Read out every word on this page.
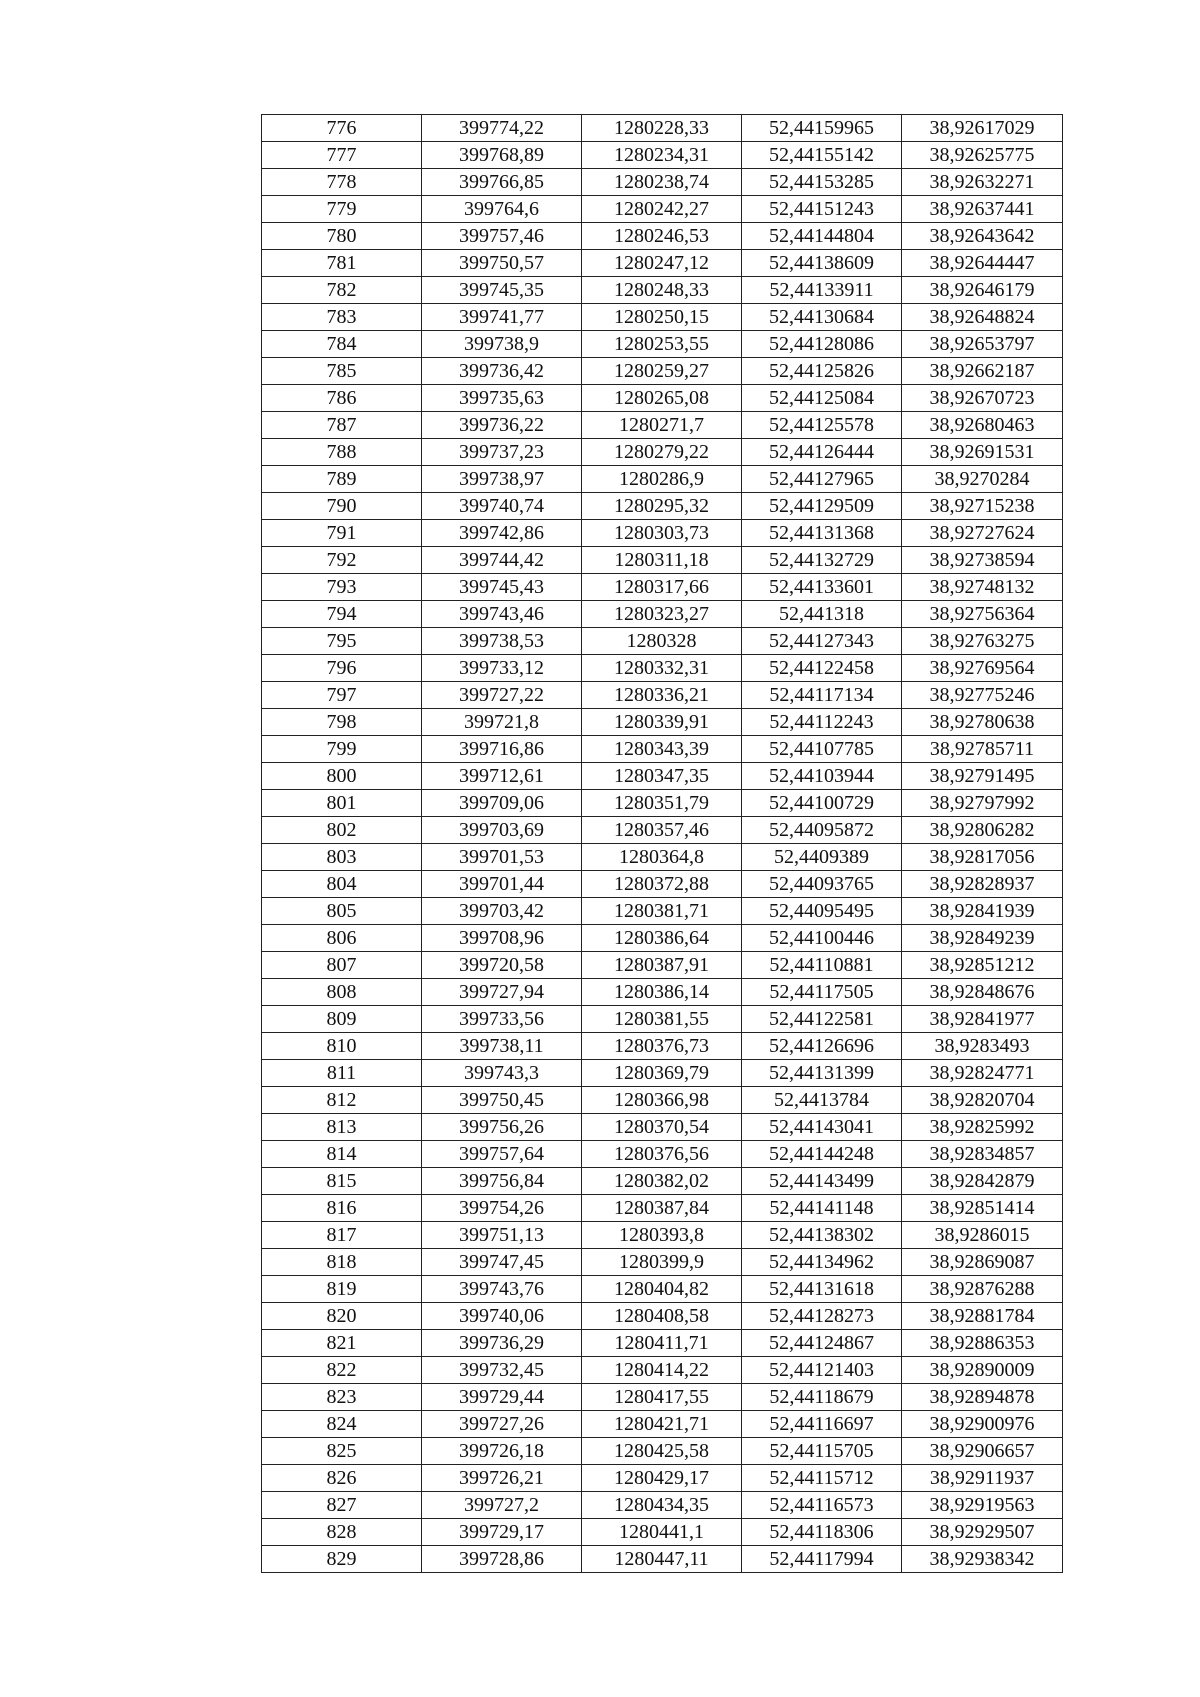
776	399774,22	1280228,33	52,44159965	38,92617029
777	399768,89	1280234,31	52,44155142	38,92625775
778	399766,85	1280238,74	52,44153285	38,92632271
779	399764,6	1280242,27	52,44151243	38,92637441
780	399757,46	1280246,53	52,44144804	38,92643642
781	399750,57	1280247,12	52,44138609	38,92644447
782	399745,35	1280248,33	52,44133911	38,92646179
783	399741,77	1280250,15	52,44130684	38,92648824
784	399738,9	1280253,55	52,44128086	38,92653797
785	399736,42	1280259,27	52,44125826	38,92662187
786	399735,63	1280265,08	52,44125084	38,92670723
787	399736,22	1280271,7	52,44125578	38,92680463
788	399737,23	1280279,22	52,44126444	38,92691531
789	399738,97	1280286,9	52,44127965	38,9270284
790	399740,74	1280295,32	52,44129509	38,92715238
791	399742,86	1280303,73	52,44131368	38,92727624
792	399744,42	1280311,18	52,44132729	38,92738594
793	399745,43	1280317,66	52,44133601	38,92748132
794	399743,46	1280323,27	52,441318	38,92756364
795	399738,53	1280328	52,44127343	38,92763275
796	399733,12	1280332,31	52,44122458	38,92769564
797	399727,22	1280336,21	52,44117134	38,92775246
798	399721,8	1280339,91	52,44112243	38,92780638
799	399716,86	1280343,39	52,44107785	38,92785711
800	399712,61	1280347,35	52,44103944	38,92791495
801	399709,06	1280351,79	52,44100729	38,92797992
802	399703,69	1280357,46	52,44095872	38,92806282
803	399701,53	1280364,8	52,4409389	38,92817056
804	399701,44	1280372,88	52,44093765	38,92828937
805	399703,42	1280381,71	52,44095495	38,92841939
806	399708,96	1280386,64	52,44100446	38,92849239
807	399720,58	1280387,91	52,44110881	38,92851212
808	399727,94	1280386,14	52,44117505	38,92848676
809	399733,56	1280381,55	52,44122581	38,92841977
810	399738,11	1280376,73	52,44126696	38,9283493
811	399743,3	1280369,79	52,44131399	38,92824771
812	399750,45	1280366,98	52,4413784	38,92820704
813	399756,26	1280370,54	52,44143041	38,92825992
814	399757,64	1280376,56	52,44144248	38,92834857
815	399756,84	1280382,02	52,44143499	38,92842879
816	399754,26	1280387,84	52,44141148	38,92851414
817	399751,13	1280393,8	52,44138302	38,9286015
818	399747,45	1280399,9	52,44134962	38,92869087
819	399743,76	1280404,82	52,44131618	38,92876288
820	399740,06	1280408,58	52,44128273	38,92881784
821	399736,29	1280411,71	52,44124867	38,92886353
822	399732,45	1280414,22	52,44121403	38,92890009
823	399729,44	1280417,55	52,44118679	38,92894878
824	399727,26	1280421,71	52,44116697	38,92900976
825	399726,18	1280425,58	52,44115705	38,92906657
826	399726,21	1280429,17	52,44115712	38,92911937
827	399727,2	1280434,35	52,44116573	38,92919563
828	399729,17	1280441,1	52,44118306	38,92929507
829	399728,86	1280447,11	52,44117994	38,92938342
